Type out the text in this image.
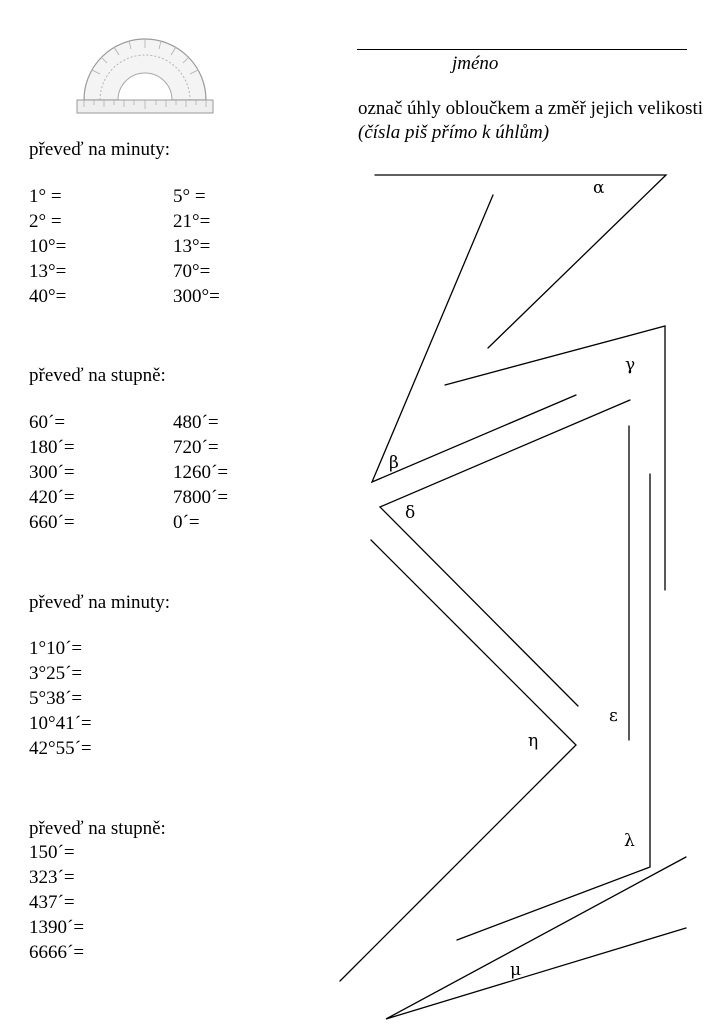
jméno
označ úhly obloučkem a změř jejich velikosti (čísla piš přímo k úhlům)
převeď na minuty:
1° =	5° =
2° =	21°=
10°=	13°=
13°=	70°=
40°=	300°=
převeď na stupně:
60´=	480´=
180´=	720´=
300´=	1260´=
420´=	7800´=
660´=	0´=
převeď na minuty:
1°10´=
3°25´=
5°38´=
10°41´=
42°55´=
převeď na stupně:
150´=
323´=
437´=
1390´=
6666´=
α
γ
β
δ
ε
η
λ
μ
